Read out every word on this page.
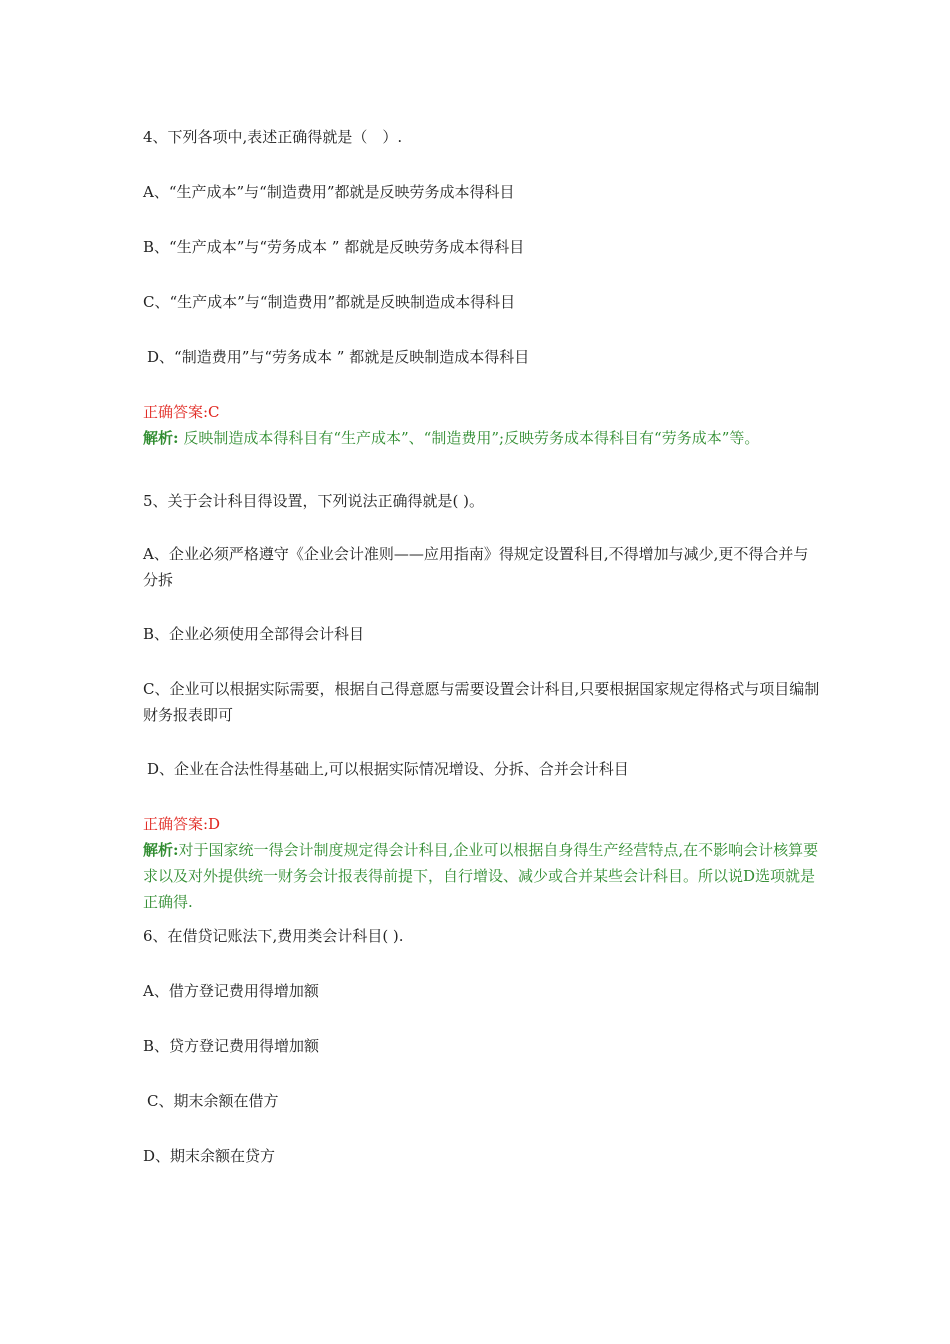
4、下列各项中,表述正确得就是（　）.
A、“生产成本”与“制造费用”都就是反映劳务成本得科目
B、“生产成本”与“劳务成本 ” 都就是反映劳务成本得科目
C、“生产成本”与“制造费用”都就是反映制造成本得科目
D、“制造费用”与“劳务成本 ” 都就是反映制造成本得科目
正确答案:C
解析: 反映制造成本得科目有“生产成本”、“制造费用”;反映劳务成本得科目有“劳务成本”等。
5、关于会计科目得设置，下列说法正确得就是( )。
A、企业必须严格遵守《企业会计准则——应用指南》得规定设置科目,不得增加与减少,更不得合并与分拆
B、企业必须使用全部得会计科目
C、企业可以根据实际需要，根据自己得意愿与需要设置会计科目,只要根据国家规定得格式与项目编制财务报表即可
D、企业在合法性得基础上,可以根据实际情况增设、分拆、合并会计科目
正确答案:D
解析:对于国家统一得会计制度规定得会计科目,企业可以根据自身得生产经营特点,在不影响会计核算要求以及对外提供统一财务会计报表得前提下，自行增设、减少或合并某些会计科目。所以说D选项就是正确得.
6、在借贷记账法下,费用类会计科目( ).
A、借方登记费用得增加额
B、贷方登记费用得增加额
C、期末余额在借方
D、期末余额在贷方
